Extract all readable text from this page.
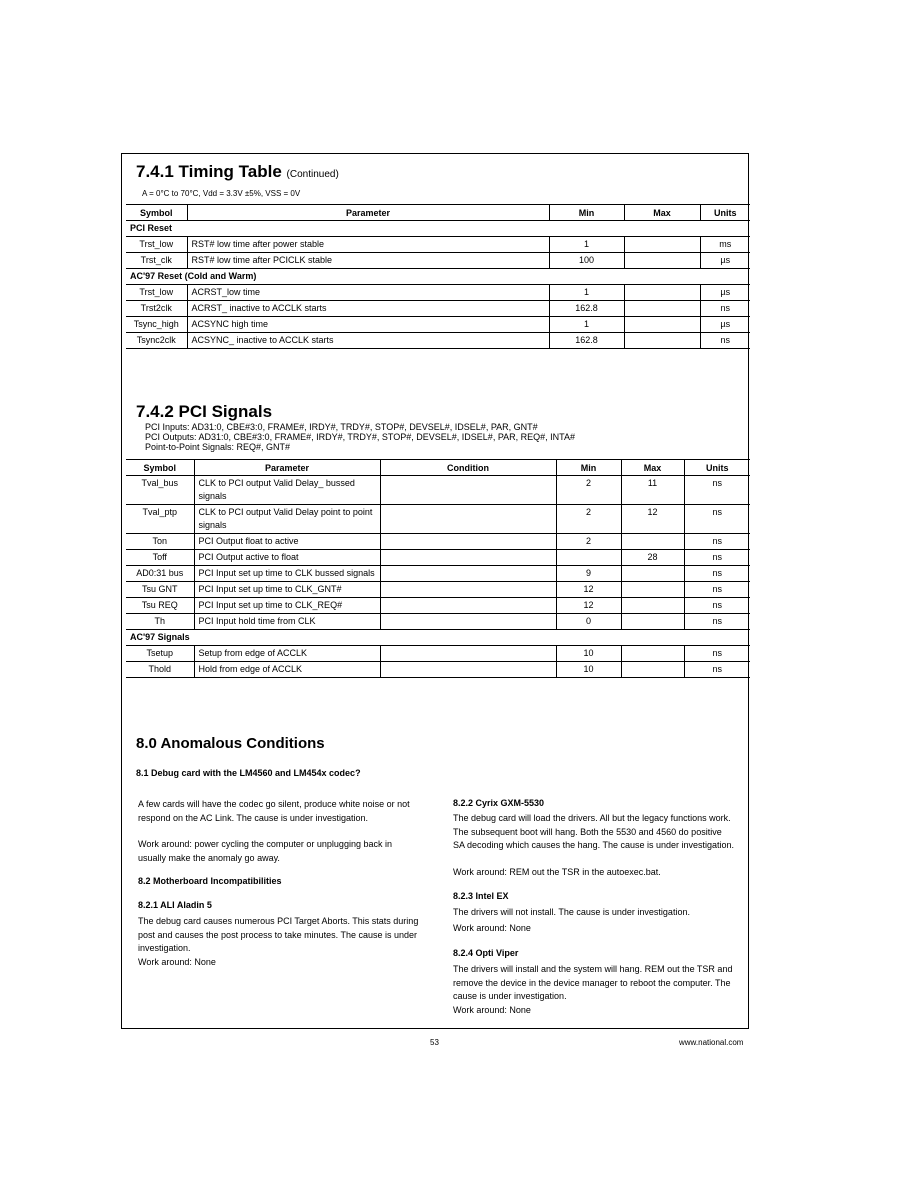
7.4.1 Timing Table (Continued)
A = 0°C to 70°C, Vdd = 3.3V ±5%, VSS = 0V
Symbol	Parameter	Min	Max	Units
PCI Reset				
Trst_low	RST# low time after power stable	1		ms
Trst_clk	RST# low time after PCICLK stable	100		µs
AC'97 Reset (Cold and Warm)				
Trst_low	ACRST_low time	1		µs
Trst2clk	ACRST_ inactive to ACCLK starts	162.8		ns
Tsync_high	ACSYNC high time	1		µs
Tsync2clk	ACSYNC_ inactive to ACCLK starts	162.8		ns
7.4.2 PCI Signals
PCI Inputs: AD31:0, CBE#3:0, FRAME#, IRDY#, TRDY#, STOP#, DEVSEL#, IDSEL#, PAR, GNT#
PCI Outputs: AD31:0, CBE#3:0, FRAME#, IRDY#, TRDY#, STOP#, DEVSEL#, IDSEL#, PAR, REQ#, INTA#
Point-to-Point Signals: REQ#, GNT#
Symbol	Parameter	Condition	Min	Max	Units
Tval_bus	CLK to PCI output Valid Delay_ bussed signals		2	11	ns
Tval_ptp	CLK to PCI output Valid Delay point to point signals		2	12	ns
Ton	PCI Output float to active		2		ns
Toff	PCI Output active to float			28	ns
AD0:31 bus	PCI Input set up time to CLK bussed signals		9		ns
Tsu GNT	PCI Input set up time to CLK_GNT#		12		ns
Tsu REQ	PCI Input set up time to CLK_REQ#		12		ns
Th	PCI Input hold time from CLK		0		ns
AC'97 Signals					
Tsetup	Setup from edge of ACCLK		10		ns
Thold	Hold from edge of ACCLK		10		ns
8.0 Anomalous Conditions
8.1 Debug card with the LM4560 and LM454x codec?

A few cards will have the codec go silent, produce white noise or not respond on the AC Link. The cause is under investigation.

Work around: power cycling the computer or unplugging back in usually make the anomaly go away.

8.2 Motherboard Incompatibilities
8.2.1 ALI Aladin 5

The debug card causes numerous PCI Target Aborts. This stats during post and causes the post process to take minutes. The cause is under investigation.

Work around: None

8.2.2 Cyrix GXM-5530

The debug card will load the drivers. All but the legacy functions work. The subsequent boot will hang. Both the 5530 and 4560 do positive SA decoding which causes the hang. The cause is under investigation.

Work around: REM out the TSR in the autoexec.bat.

8.2.3 Intel EX

The drivers will not install. The cause is under investigation.

Work around: None

8.2.4 Opti Viper

The drivers will install and the system will hang. REM out the TSR and remove the device in the device manager to reboot the computer. The cause is under investigation.

Work around: None

53	www.national.com
